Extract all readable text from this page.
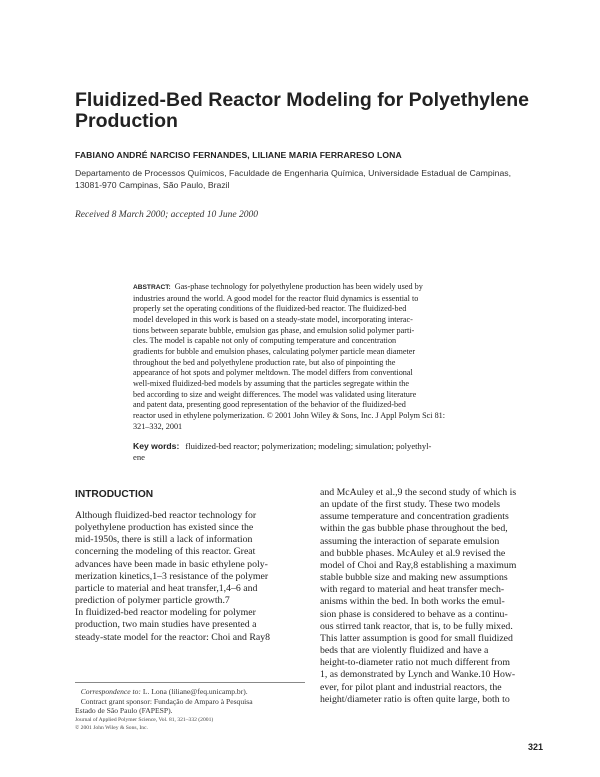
Fluidized-Bed Reactor Modeling for Polyethylene
Production
FABIANO ANDRÉ NARCISO FERNANDES, LILIANE MARIA FERRARESO LONA
Departamento de Processos Químicos, Faculdade de Engenharia Química, Universidade Estadual de Campinas,
13081-970 Campinas, São Paulo, Brazil
Received 8 March 2000; accepted 10 June 2000
ABSTRACT: Gas-phase technology for polyethylene production has been widely used by
industries around the world. A good model for the reactor fluid dynamics is essential to
properly set the operating conditions of the fluidized-bed reactor. The fluidized-bed
model developed in this work is based on a steady-state model, incorporating interac-
tions between separate bubble, emulsion gas phase, and emulsion solid polymer parti-
cles. The model is capable not only of computing temperature and concentration
gradients for bubble and emulsion phases, calculating polymer particle mean diameter
throughout the bed and polyethylene production rate, but also of pinpointing the
appearance of hot spots and polymer meltdown. The model differs from conventional
well-mixed fluidized-bed models by assuming that the particles segregate within the
bed according to size and weight differences. The model was validated using literature
and patent data, presenting good representation of the behavior of the fluidized-bed
reactor used in ethylene polymerization. © 2001 John Wiley & Sons, Inc. J Appl Polym Sci 81:
321–332, 2001
Key words: fluidized-bed reactor; polymerization; modeling; simulation; polyethyl-
ene
INTRODUCTION
Although fluidized-bed reactor technology for
polyethylene production has existed since the
mid-1950s, there is still a lack of information
concerning the modeling of this reactor. Great
advances have been made in basic ethylene poly-
merization kinetics,1–3 resistance of the polymer
particle to material and heat transfer,1,4–6 and
prediction of polymer particle growth.7
In fluidized-bed reactor modeling for polymer
production, two main studies have presented a
steady-state model for the reactor: Choi and Ray8
and McAuley et al.,9 the second study of which is
an update of the first study. These two models
assume temperature and concentration gradients
within the gas bubble phase throughout the bed,
assuming the interaction of separate emulsion
and bubble phases. McAuley et al.9 revised the
model of Choi and Ray,8 establishing a maximum
stable bubble size and making new assumptions
with regard to material and heat transfer mech-
anisms within the bed. In both works the emul-
sion phase is considered to behave as a continu-
ous stirred tank reactor, that is, to be fully mixed.
This latter assumption is good for small fluidized
beds that are violently fluidized and have a
height-to-diameter ratio not much different from
1, as demonstrated by Lynch and Wanke.10 How-
ever, for pilot plant and industrial reactors, the
height/diameter ratio is often quite large, both to
Correspondence to: L. Lona (liliane@feq.unicamp.br).
Contract grant sponsor: Fundação de Amparo à Pesquisa
Estado de São Paulo (FAPESP).
Journal of Applied Polymer Science, Vol. 81, 321–332 (2001)
© 2001 John Wiley & Sons, Inc.
321
